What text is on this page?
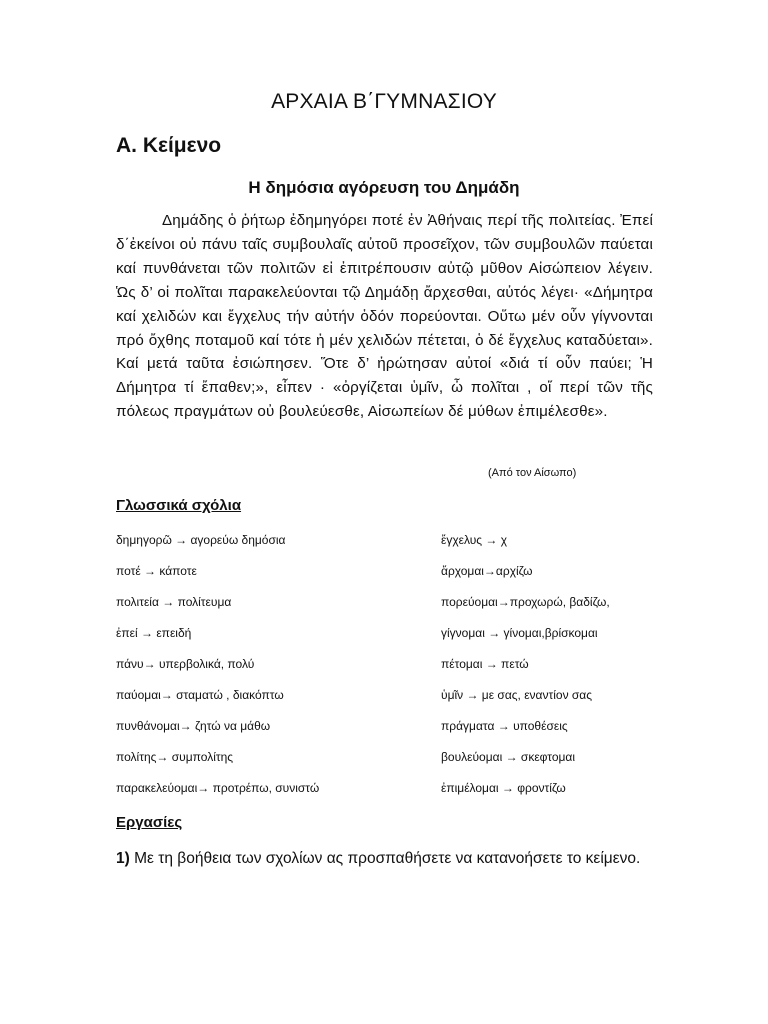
ΑΡΧΑΙΑ Β΄ΓΥΜΝΑΣΙΟΥ
Α. Κείμενο
Η δημόσια αγόρευση του Δημάδη

Δημάδης ὁ ῥήτωρ ἐδημηγόρει ποτέ ἐν Ἀθήναις περί τῆς πολιτείας. Ἐπεί δ΄ἐκείνοι οὐ πάνυ ταῖς συμβουλαῖς αὐτοῦ προσεῖχον, τῶν συμβουλῶν παύεται καί πυνθάνεται τῶν πολιτῶν εἰ ἐπιτρέπουσιν αὐτῷ μῦθον Αἰσώπειον λέγειν. Ὡς δ’ οἱ πολῖται παρακελεύονται τῷ Δημάδῃ ἄρχεσθαι, αὐτός λέγει· «Δήμητρα καί χελιδών και ἔγχελυς τήν αὐτήν ὁδόν πορεύονται. Οὕτω μέν οὖν γίγνονται πρό ὄχθης ποταμοῦ καί τότε ἡ μέν χελιδών πέτεται, ὁ δέ ἔγχελυς καταδύεται». Καί μετά ταῦτα ἐσιώπησεν. Ὅτε δ’ ἠρώτησαν αὐτοί «διά τί οὖν παύει; Ἡ Δήμητρα τί ἔπαθεν;», εἶπεν · «ὀργίζεται ὑμῖν, ὦ πολῖται , οἵ περί τῶν τῆς πόλεως πραγμάτων οὐ βουλεύεσθε, Αἰσωπείων δέ μύθων ἐπιμέλεσθε».

(Από τον Αίσωπο)
Γλωσσικά σχόλια
δημηγορῶ → αγορεύω δημόσια
ποτέ → κάποτε
πολιτεία → πολίτευμα
ἐπεί → επειδή
πάνυ→ υπερβολικά, πολύ
παύομαι→ σταματώ , διακόπτω
πυνθάνομαι→ ζητώ να μάθω
πολίτης→ συμπολίτης
παρακελεύομαι→ προτρέπω, συνιστώ
ἔγχελυς → χ
ἄρχομαι→αρχίζω
πορεύομαι→προχωρώ, βαδίζω,
γίγνομαι → γίνομαι,βρίσκομαι
πέτομαι → πετώ
ὑμῖν → με σας, εναντίον σας
πράγματα → υποθέσεις
βουλεύομαι → σκεφτομαι
ἐπιμέλομαι → φροντίζω
Εργασίες

1) Με τη βοήθεια των σχολίων ας προσπαθήσετε να κατανοήσετε το κείμενο.
